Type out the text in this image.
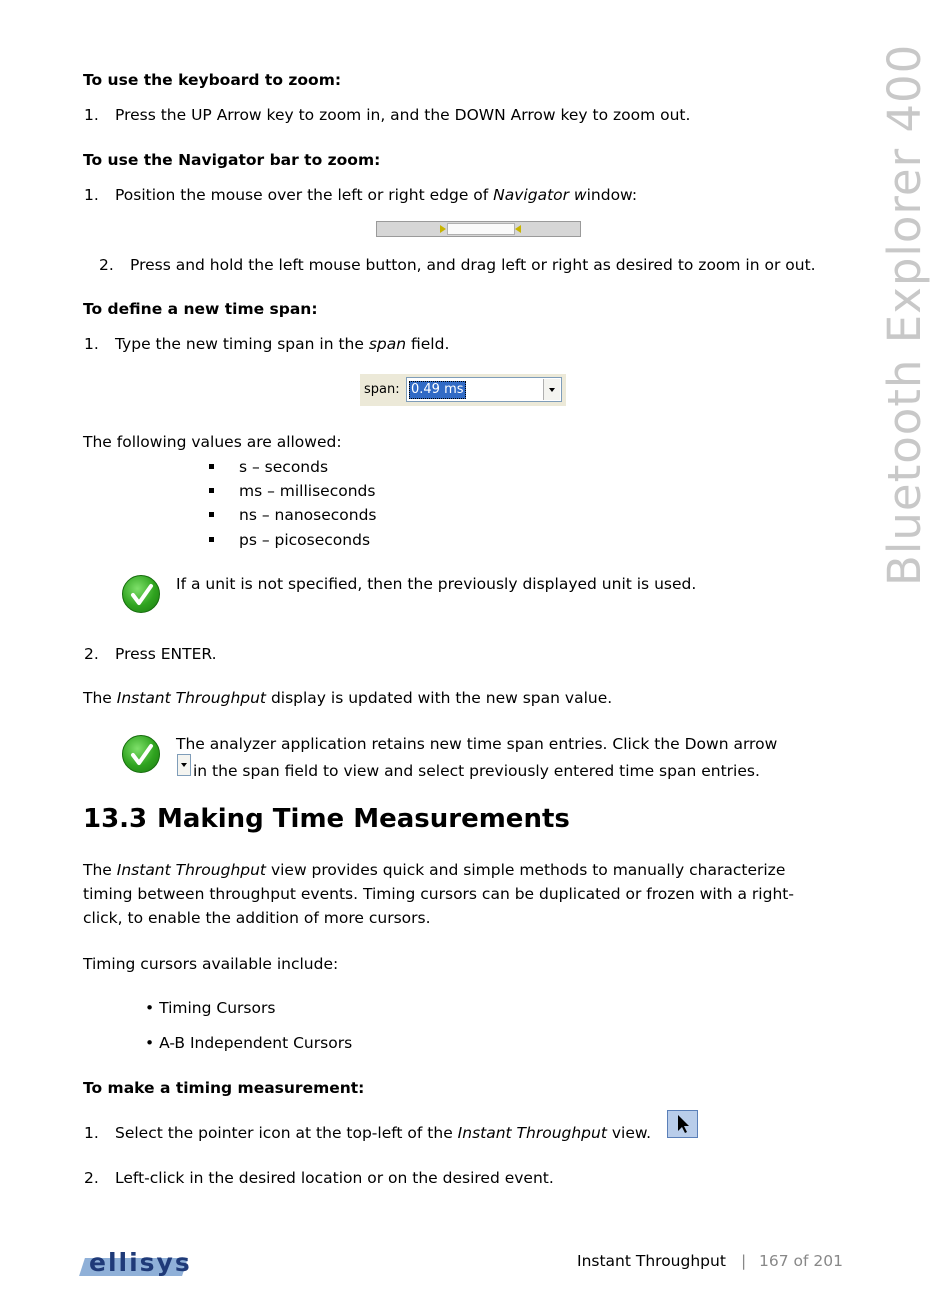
Bluetooth Explorer 400
To use the keyboard to zoom:
1. Press the UP Arrow key to zoom in, and the DOWN Arrow key to zoom out.
To use the Navigator bar to zoom:
1. Position the mouse over the left or right edge of Navigator window:
2. Press and hold the left mouse button, and drag left or right as desired to zoom in or out.
To define a new time span:
1. Type the new timing span in the span field.
span: 0.49 ms
The following values are allowed:
s – seconds
ms – milliseconds
ns – nanoseconds
ps – picoseconds
If a unit is not specified, then the previously displayed unit is used.
2. Press ENTER.
The Instant Throughput display is updated with the new span value.
The analyzer application retains new time span entries. Click the Down arrow
in the span field to view and select previously entered time span entries.
13.3 Making Time Measurements
The Instant Throughput view provides quick and simple methods to manually characterize
timing between throughput events. Timing cursors can be duplicated or frozen with a right-
click, to enable the addition of more cursors.
Timing cursors available include:
• Timing Cursors
• A-B Independent Cursors
To make a timing measurement:
1. Select the pointer icon at the top-left of the Instant Throughput view.
2. Left-click in the desired location or on the desired event.
ellisys	Instant Throughput | 167 of 201
